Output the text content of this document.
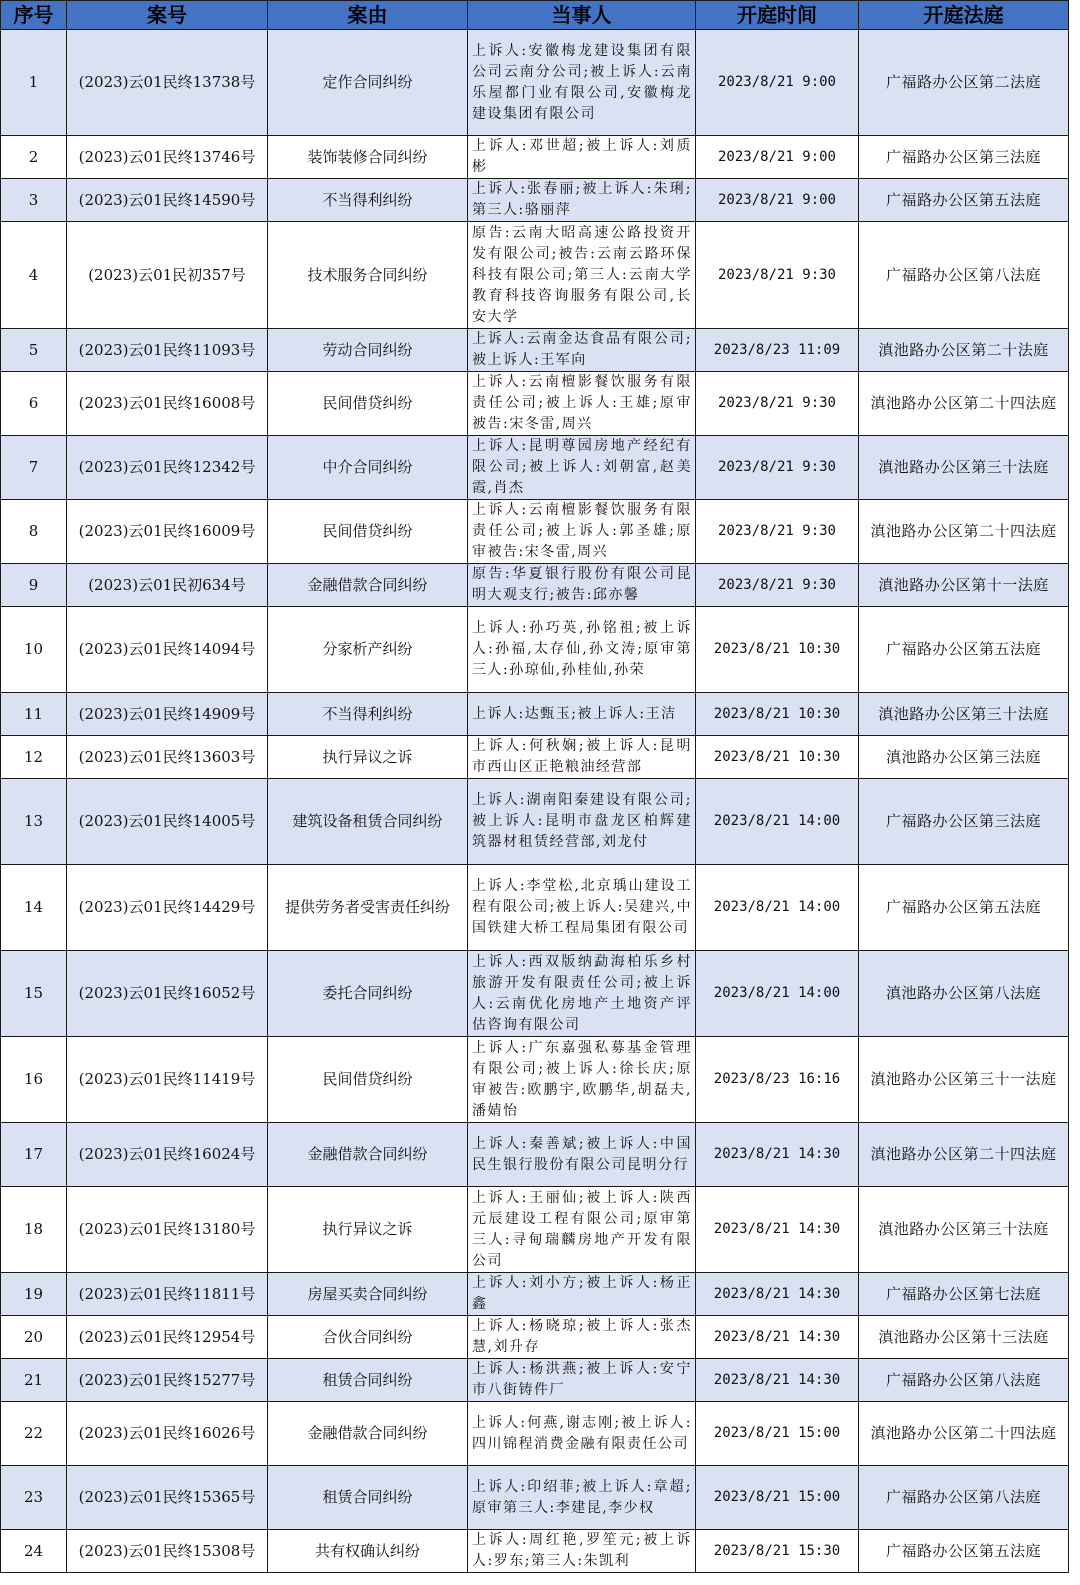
序号	案号	案由	当事人	开庭时间	开庭法庭
1	(2023)云01民终13738号	定作合同纠纷	上诉人:安徽梅龙建设集团有限公司云南分公司;被上诉人:云南乐屋都门业有限公司,安徽梅龙建设集团有限公司	2023/8/21 9:00	广福路办公区第二法庭
2	(2023)云01民终13746号	装饰装修合同纠纷	上诉人:邓世超;被上诉人:刘质彬	2023/8/21 9:00	广福路办公区第三法庭
3	(2023)云01民终14590号	不当得利纠纷	上诉人:张春丽;被上诉人:朱琍;第三人:骆丽萍	2023/8/21 9:00	广福路办公区第五法庭
4	(2023)云01民初357号	技术服务合同纠纷	原告:云南大昭高速公路投资开发有限公司;被告:云南云路环保科技有限公司;第三人:云南大学教育科技咨询服务有限公司,长安大学	2023/8/21 9:30	广福路办公区第八法庭
5	(2023)云01民终11093号	劳动合同纠纷	上诉人:云南金达食品有限公司;被上诉人:王军向	2023/8/23 11:09	滇池路办公区第二十法庭
6	(2023)云01民终16008号	民间借贷纠纷	上诉人:云南檀影餐饮服务有限责任公司;被上诉人:王雄;原审被告:宋冬雷,周兴	2023/8/21 9:30	滇池路办公区第二十四法庭
7	(2023)云01民终12342号	中介合同纠纷	上诉人:昆明尊园房地产经纪有限公司;被上诉人:刘朝富,赵美霞,肖杰	2023/8/21 9:30	滇池路办公区第三十法庭
8	(2023)云01民终16009号	民间借贷纠纷	上诉人:云南檀影餐饮服务有限责任公司;被上诉人:郭圣雄;原审被告:宋冬雷,周兴	2023/8/21 9:30	滇池路办公区第二十四法庭
9	(2023)云01民初634号	金融借款合同纠纷	原告:华夏银行股份有限公司昆明大观支行;被告:邱亦馨	2023/8/21 9:30	滇池路办公区第十一法庭
10	(2023)云01民终14094号	分家析产纠纷	上诉人:孙巧英,孙铭祖;被上诉人:孙福,太存仙,孙文涛;原审第三人:孙琼仙,孙桂仙,孙荣	2023/8/21 10:30	广福路办公区第五法庭
11	(2023)云01民终14909号	不当得利纠纷	上诉人:达甄玉;被上诉人:王洁	2023/8/21 10:30	滇池路办公区第三十法庭
12	(2023)云01民终13603号	执行异议之诉	上诉人:何秋娴;被上诉人:昆明市西山区正艳粮油经营部	2023/8/21 10:30	滇池路办公区第三法庭
13	(2023)云01民终14005号	建筑设备租赁合同纠纷	上诉人:湖南阳秦建设有限公司;被上诉人:昆明市盘龙区柏辉建筑器材租赁经营部,刘龙付	2023/8/21 14:00	广福路办公区第三法庭
14	(2023)云01民终14429号	提供劳务者受害责任纠纷	上诉人:李堂松,北京瑀山建设工程有限公司;被上诉人:吴建兴,中国铁建大桥工程局集团有限公司	2023/8/21 14:00	广福路办公区第五法庭
15	(2023)云01民终16052号	委托合同纠纷	上诉人:西双版纳勐海柏乐乡村旅游开发有限责任公司;被上诉人:云南优化房地产土地资产评估咨询有限公司	2023/8/21 14:00	滇池路办公区第八法庭
16	(2023)云01民终11419号	民间借贷纠纷	上诉人:广东嘉强私募基金管理有限公司;被上诉人:徐长庆;原审被告:欧鹏宇,欧鹏华,胡磊夫,潘婧怡	2023/8/23 16:16	滇池路办公区第三十一法庭
17	(2023)云01民终16024号	金融借款合同纠纷	上诉人:秦善斌;被上诉人:中国民生银行股份有限公司昆明分行	2023/8/21 14:30	滇池路办公区第二十四法庭
18	(2023)云01民终13180号	执行异议之诉	上诉人:王丽仙;被上诉人:陕西元辰建设工程有限公司;原审第三人:寻甸瑞麟房地产开发有限公司	2023/8/21 14:30	滇池路办公区第三十法庭
19	(2023)云01民终11811号	房屋买卖合同纠纷	上诉人:刘小方;被上诉人:杨正鑫	2023/8/21 14:30	广福路办公区第七法庭
20	(2023)云01民终12954号	合伙合同纠纷	上诉人:杨晓琼;被上诉人:张杰慧,刘升存	2023/8/21 14:30	滇池路办公区第十三法庭
21	(2023)云01民终15277号	租赁合同纠纷	上诉人:杨洪燕;被上诉人:安宁市八街铸件厂	2023/8/21 14:30	广福路办公区第八法庭
22	(2023)云01民终16026号	金融借款合同纠纷	上诉人:何燕,谢志刚;被上诉人:四川锦程消费金融有限责任公司	2023/8/21 15:00	滇池路办公区第二十四法庭
23	(2023)云01民终15365号	租赁合同纠纷	上诉人:印绍菲;被上诉人:章超;原审第三人:李建昆,李少权	2023/8/21 15:00	广福路办公区第八法庭
24	(2023)云01民终15308号	共有权确认纠纷	上诉人:周红艳,罗笙元;被上诉人:罗东;第三人:朱凯利	2023/8/21 15:30	广福路办公区第五法庭
